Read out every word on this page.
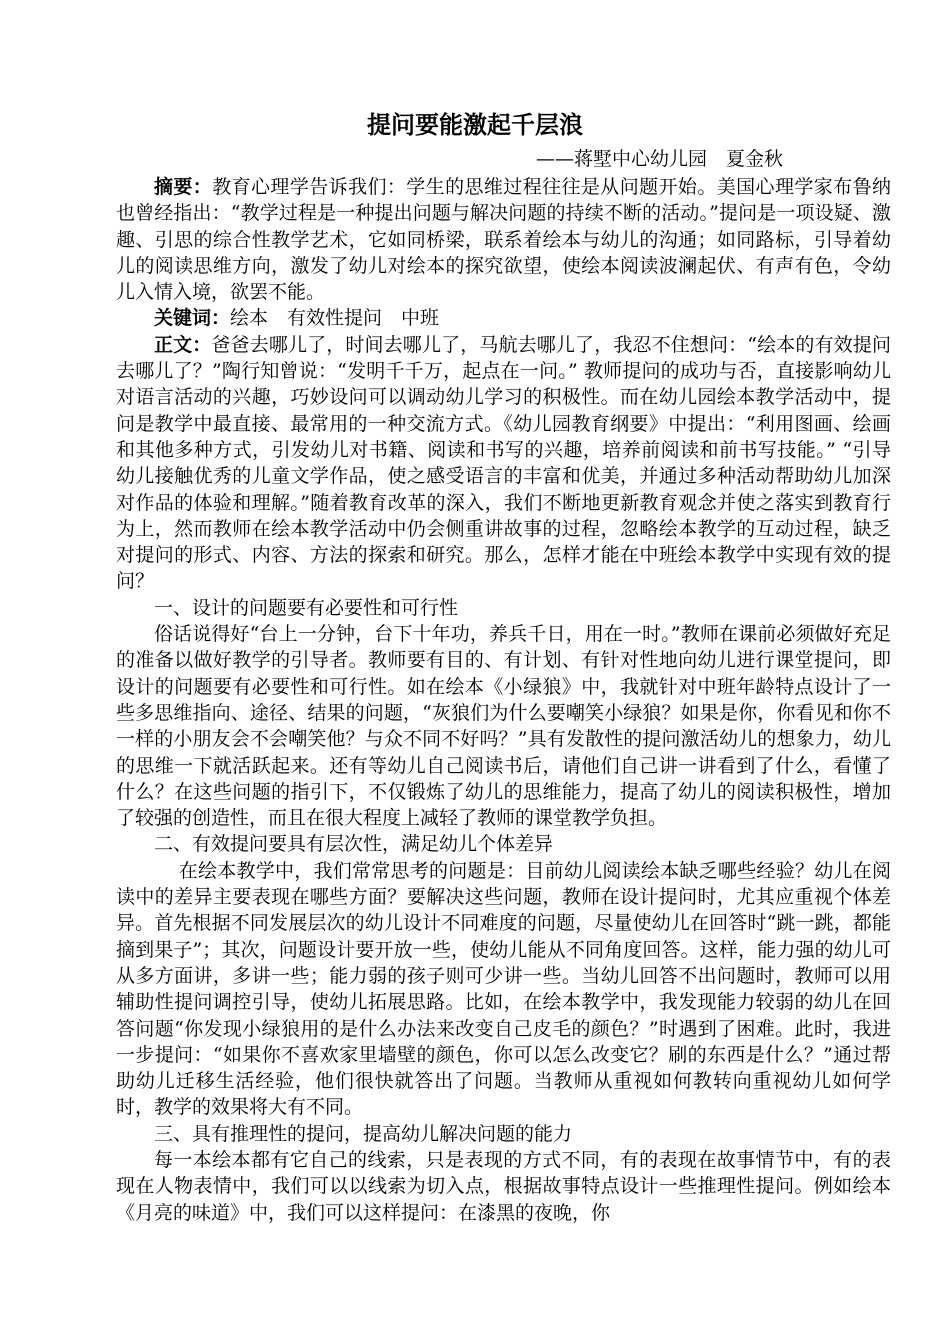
提问要能激起千层浪
——蒋墅中心幼儿园　夏金秋

摘要：教育心理学告诉我们：学生的思维过程往往是从问题开始。美国心理学家布鲁纳也曾经指出：“教学过程是一种提出问题与解决问题的持续不断的活动。”提问是一项设疑、激趣、引思的综合性教学艺术，它如同桥梁，联系着绘本与幼儿的沟通；如同路标，引导着幼儿的阅读思维方向，激发了幼儿对绘本的探究欲望，使绘本阅读波澜起伏、有声有色，令幼儿入情入境，欲罢不能。

关键词：绘本　有效性提问　中班

正文：爸爸去哪儿了，时间去哪儿了，马航去哪儿了，我忍不住想问：“绘本的有效提问去哪儿了？”陶行知曾说：“发明千千万，起点在一问。” 教师提问的成功与否，直接影响幼儿对语言活动的兴趣，巧妙设问可以调动幼儿学习的积极性。而在幼儿园绘本教学活动中，提问是教学中最直接、最常用的一种交流方式。《幼儿园教育纲要》中提出：“利用图画、绘画和其他多种方式，引发幼儿对书籍、阅读和书写的兴趣，培养前阅读和前书写技能。” “引导幼儿接触优秀的儿童文学作品，使之感受语言的丰富和优美，并通过多种活动帮助幼儿加深对作品的体验和理解。”随着教育改革的深入，我们不断地更新教育观念并使之落实到教育行为上，然而教师在绘本教学活动中仍会侧重讲故事的过程，忽略绘本教学的互动过程，缺乏对提问的形式、内容、方法的探索和研究。那么，怎样才能在中班绘本教学中实现有效的提问？

一、设计的问题要有必要性和可行性

俗话说得好“台上一分钟，台下十年功，养兵千日，用在一时。”教师在课前必须做好充足的准备以做好教学的引导者。教师要有目的、有计划、有针对性地向幼儿进行课堂提问，即设计的问题要有必要性和可行性。如在绘本《小绿狼》中，我就针对中班年龄特点设计了一些多思维指向、途径、结果的问题，“灰狼们为什么要嘲笑小绿狼？如果是你，你看见和你不一样的小朋友会不会嘲笑他？与众不同不好吗？”具有发散性的提问激活幼儿的想象力，幼儿的思维一下就活跃起来。还有等幼儿自己阅读书后，请他们自己讲一讲看到了什么，看懂了什么？在这些问题的指引下，不仅锻炼了幼儿的思维能力，提高了幼儿的阅读积极性，增加了较强的创造性，而且在很大程度上减轻了教师的课堂教学负担。

二、有效提问要具有层次性，满足幼儿个体差异

在绘本教学中，我们常常思考的问题是：目前幼儿阅读绘本缺乏哪些经验？幼儿在阅读中的差异主要表现在哪些方面？要解决这些问题，教师在设计提问时，尤其应重视个体差异。首先根据不同发展层次的幼儿设计不同难度的问题，尽量使幼儿在回答时“跳一跳，都能摘到果子”；其次，问题设计要开放一些，使幼儿能从不同角度回答。这样，能力强的幼儿可从多方面讲，多讲一些；能力弱的孩子则可少讲一些。当幼儿回答不出问题时，教师可以用辅助性提问调控引导，使幼儿拓展思路。比如，在绘本教学中，我发现能力较弱的幼儿在回答问题“你发现小绿狼用的是什么办法来改变自己皮毛的颜色？”时遇到了困难。此时，我进一步提问：“如果你不喜欢家里墙壁的颜色，你可以怎么改变它？刷的东西是什么？”通过帮助幼儿迁移生活经验，他们很快就答出了问题。当教师从重视如何教转向重视幼儿如何学时，教学的效果将大有不同。

三、具有推理性的提问，提高幼儿解决问题的能力

每一本绘本都有它自己的线索，只是表现的方式不同，有的表现在故事情节中，有的表现在人物表情中，我们可以以线索为切入点，根据故事特点设计一些推理性提问。例如绘本《月亮的味道》中，我们可以这样提问：在漆黑的夜晚，你
